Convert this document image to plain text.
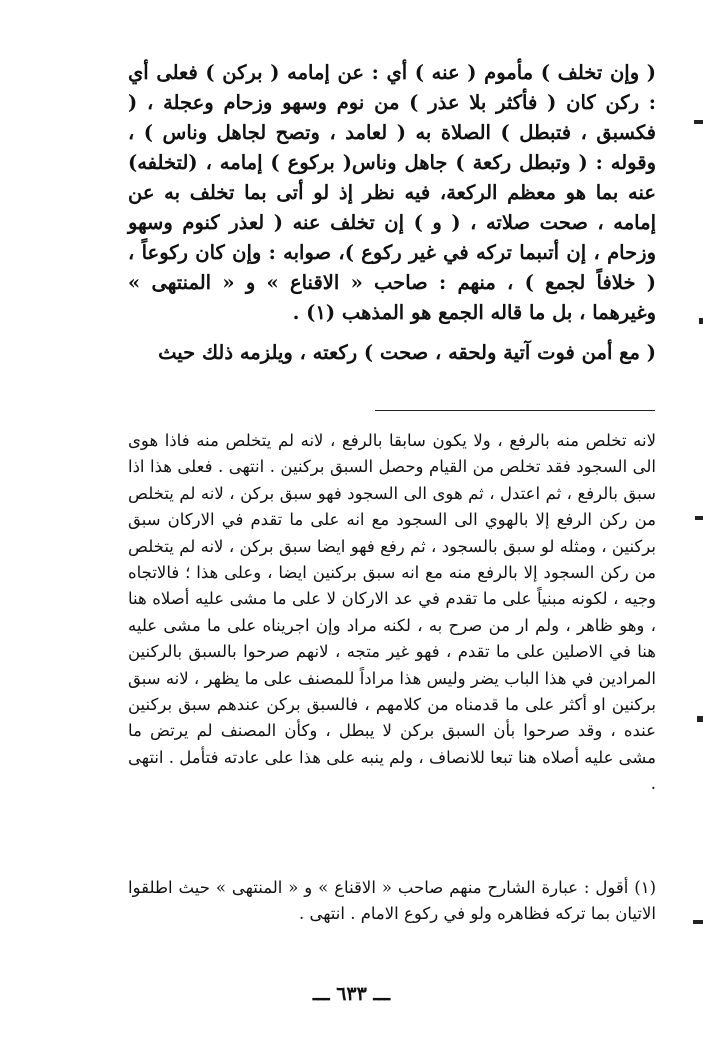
( وإن تخلف ) مأموم ( عنه ) أي : عن إمامه ( بركن ) فعلى أي : ركن كان ( فأكثر بلا عذر ) من نوم وسهو وزحام وعجلة ، ( فكسبق ، فتبطل ) الصلاة به ( لعامد ، وتصح لجاهل وناس ) ، وقوله : ( وتبطل ركعة ) جاهل وناس( بركوع ) إمامه ، (لتخلفه) عنه بما هو معظم الركعة، فيه نظر إذ لو أتى بما تخلف به عن إمامه ، صحت صلاته ، ( و ) إن تخلف عنه ( لعذر كنوم وسهو وزحام ، إن أتىبما تركه في غير ركوع )، صوابه : وإن كان ركوعاً ، ( خلافاً لجمع ) ، منهم : صاحب « الاقناع » و « المنتهى » وغيرهما ، بل ما قاله الجمع هو المذهب (١) .

( مع أمن فوت آتية ولحقه ، صحت ) ركعته ، ويلزمه ذلك حيث

لانه تخلص منه بالرفع ، ولا يكون سابقا بالرفع ، لانه لم يتخلص منه فاذا هوى الى السجود فقد تخلص من القيام وحصل السبق بركنين . انتهى . فعلى هذا اذا سبق بالرفع ، ثم اعتدل ، ثم هوى الى السجود فهو سبق بركن ، لانه لم يتخلص من ركن الرفع إلا بالهوي الى السجود مع انه على ما تقدم في الاركان سبق بركنين ، ومثله لو سبق بالسجود ، ثم رفع فهو ايضا سبق بركن ، لانه لم يتخلص من ركن السجود إلا بالرفع منه مع انه سبق بركنين ايضا ، وعلى هذا ؛ فالاتجاه وجيه ، لكونه مبنياً على ما تقدم في عد الاركان لا على ما مشى عليه أصلاه هنا ، وهو ظاهر ، ولم ار من صرح به ، لكنه مراد وإن اجريناه على ما مشى عليه هنا في الاصلين على ما تقدم ، فهو غير متجه ، لانهم صرحوا بالسبق بالركنين المرادين في هذا الباب يضر وليس هذا مراداً للمصنف على ما يظهر ، لانه سبق بركنين او أكثر على ما قدمناه من كلامهم ، فالسبق بركن عندهم سبق بركنين عنده ، وقد صرحوا بأن السبق بركن لا يبطل ، وكأن المصنف لم يرتض ما مشى عليه أصلاه هنا تبعا للانصاف ، ولم ينبه على هذا على عادته فتأمل . انتهى .

(١) أقول : عبارة الشارح منهم صاحب « الاقناع » و « المنتهى » حيث اطلقوا الاتيان بما تركه فظاهره ولو في ركوع الامام . انتهى .

ـــ ٦٣٣ ـــ
